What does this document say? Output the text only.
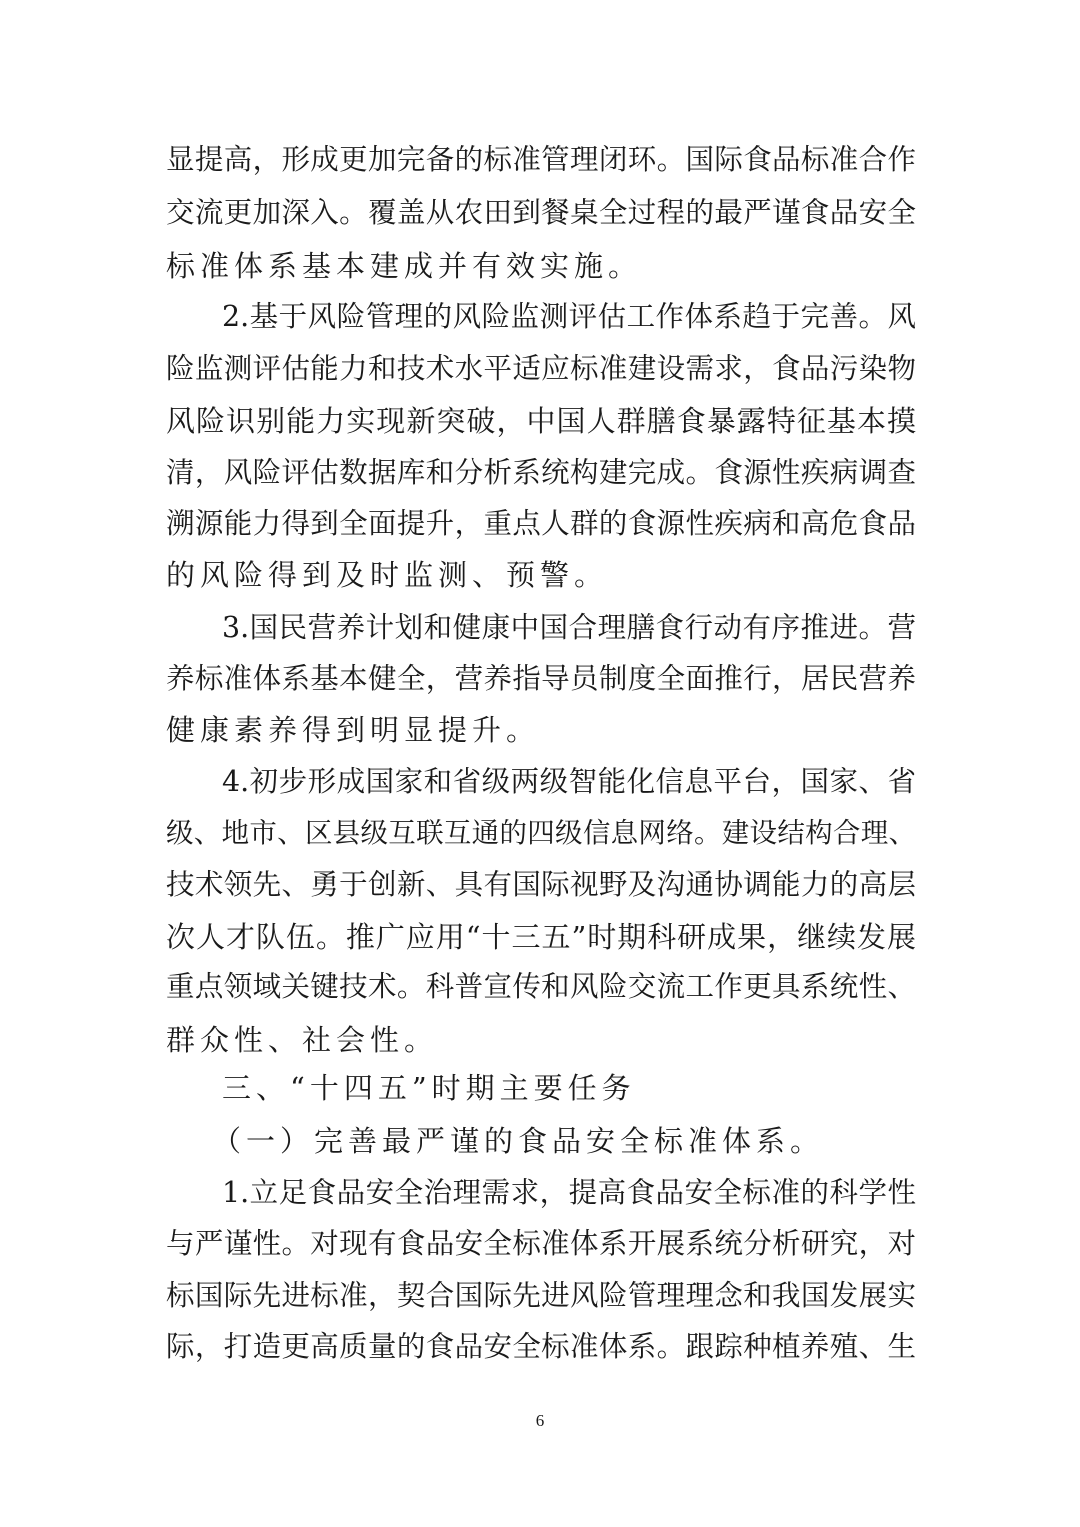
显提高，形成更加完备的标准管理闭环。国际食品标准合作
交流更加深入。覆盖从农田到餐桌全过程的最严谨食品安全
标准体系基本建成并有效实施。
2.基于风险管理的风险监测评估工作体系趋于完善。风
险监测评估能力和技术水平适应标准建设需求，食品污染物
风险识别能力实现新突破，中国人群膳食暴露特征基本摸
清，风险评估数据库和分析系统构建完成。食源性疾病调查
溯源能力得到全面提升，重点人群的食源性疾病和高危食品
的风险得到及时监测、预警。
3.国民营养计划和健康中国合理膳食行动有序推进。营
养标准体系基本健全，营养指导员制度全面推行，居民营养
健康素养得到明显提升。
4.初步形成国家和省级两级智能化信息平台，国家、省
级、地市、区县级互联互通的四级信息网络。建设结构合理、
技术领先、勇于创新、具有国际视野及沟通协调能力的高层
次人才队伍。推广应用“十三五”时期科研成果，继续发展
重点领域关键技术。科普宣传和风险交流工作更具系统性、
群众性、社会性。
三、“十四五”时期主要任务
（一）完善最严谨的食品安全标准体系。
1.立足食品安全治理需求，提高食品安全标准的科学性
与严谨性。对现有食品安全标准体系开展系统分析研究，对
标国际先进标准，契合国际先进风险管理理念和我国发展实
际，打造更高质量的食品安全标准体系。跟踪种植养殖、生
6
